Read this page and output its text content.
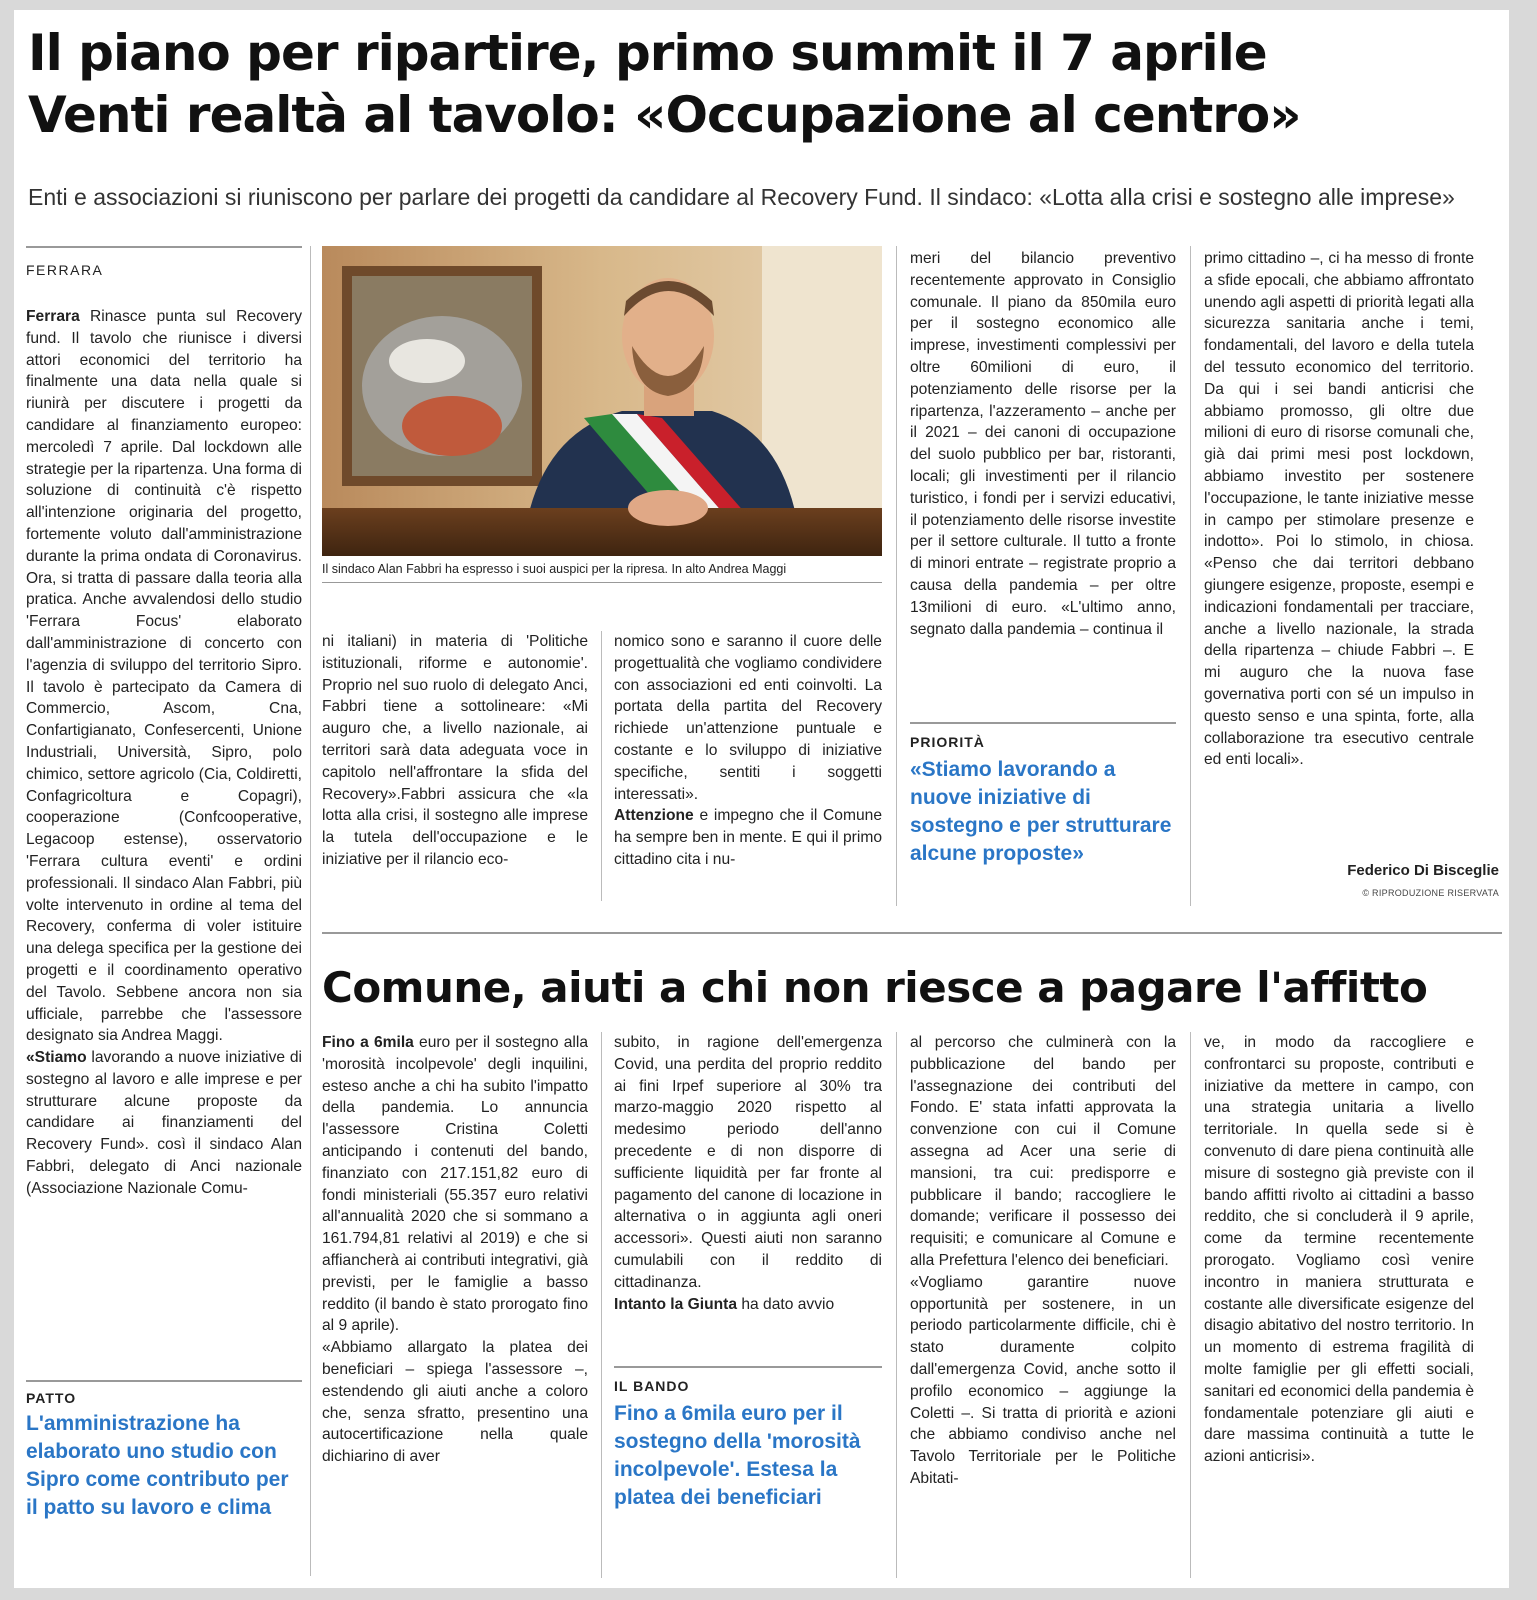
Il piano per ripartire, primo summit il 7 aprile
Venti realtà al tavolo: «Occupazione al centro»

Enti e associazioni si riuniscono per parlare dei progetti da candidare al Recovery Fund. Il sindaco: «Lotta alla crisi e sostegno alle imprese»

FERRARA

Ferrara Rinasce punta sul Recovery fund. Il tavolo che riunisce i diversi attori economici del territorio ha finalmente una data nella quale si riunirà per discutere i progetti da candidare al finanziamento europeo: mercoledì 7 aprile. Dal lockdown alle strategie per la ripartenza. Una forma di soluzione di continuità c'è rispetto all'intenzione originaria del progetto, fortemente voluto dall'amministrazione durante la prima ondata di Coronavirus. Ora, si tratta di passare dalla teoria alla pratica. Anche avvalendosi dello studio 'Ferrara Focus' elaborato dall'amministrazione di concerto con l'agenzia di sviluppo del territorio Sipro. Il tavolo è partecipato da Camera di Commercio, Ascom, Cna, Confartigianato, Confesercenti, Unione Industriali, Università, Sipro, polo chimico, settore agricolo (Cia, Coldiretti, Confagricoltura e Copagri), cooperazione (Confcooperative, Legacoop estense), osservatorio 'Ferrara cultura eventi' e ordini professionali. Il sindaco Alan Fabbri, più volte intervenuto in ordine al tema del Recovery, conferma di voler istituire una delega specifica per la gestione dei progetti e il coordinamento operativo del Tavolo. Sebbene ancora non sia ufficiale, parrebbe che l'assessore designato sia Andrea Maggi.

«Stiamo lavorando a nuove iniziative di sostegno al lavoro e alle imprese e per strutturare alcune proposte da candidare ai finanziamenti del Recovery Fund». così il sindaco Alan Fabbri, delegato di Anci nazionale (Associazione Nazionale Comu-

PATTO

L'amministrazione ha elaborato uno studio con Sipro come contributo per il patto su lavoro e clima

Il sindaco Alan Fabbri ha espresso i suoi auspici per la ripresa. In alto Andrea Maggi

ni italiani) in materia di 'Politiche istituzionali, riforme e autonomie'. Proprio nel suo ruolo di delegato Anci, Fabbri tiene a sottolineare: «Mi auguro che, a livello nazionale, ai territori sarà data adeguata voce in capitolo nell'affrontare la sfida del Recovery».Fabbri assicura che «la lotta alla crisi, il sostegno alle imprese la tutela dell'occupazione e le iniziative per il rilancio eco-

nomico sono e saranno il cuore delle progettualità che vogliamo condividere con associazioni ed enti coinvolti. La portata della partita del Recovery richiede un'attenzione puntuale e costante e lo sviluppo di iniziative specifiche, sentiti i soggetti interessati».

Attenzione e impegno che il Comune ha sempre ben in mente. E qui il primo cittadino cita i nu-

meri del bilancio preventivo recentemente approvato in Consiglio comunale. Il piano da 850mila euro per il sostegno economico alle imprese, investimenti complessivi per oltre 60milioni di euro, il potenziamento delle risorse per la ripartenza, l'azzeramento – anche per il 2021 – dei canoni di occupazione del suolo pubblico per bar, ristoranti, locali; gli investimenti per il rilancio turistico, i fondi per i servizi educativi, il potenziamento delle risorse investite per il settore culturale. Il tutto a fronte di minori entrate – registrate proprio a causa della pandemia – per oltre 13milioni di euro. «L'ultimo anno, segnato dalla pandemia – continua il

PRIORITÀ

«Stiamo lavorando a nuove iniziative di sostegno e per strutturare alcune proposte»

primo cittadino –, ci ha messo di fronte a sfide epocali, che abbiamo affrontato unendo agli aspetti di priorità legati alla sicurezza sanitaria anche i temi, fondamentali, del lavoro e della tutela del tessuto economico del territorio. Da qui i sei bandi anticrisi che abbiamo promosso, gli oltre due milioni di euro di risorse comunali che, già dai primi mesi post lockdown, abbiamo investito per sostenere l'occupazione, le tante iniziative messe in campo per stimolare presenze e indotto». Poi lo stimolo, in chiosa. «Penso che dai territori debbano giungere esigenze, proposte, esempi e indicazioni fondamentali per tracciare, anche a livello nazionale, la strada della ripartenza – chiude Fabbri –. E mi auguro che la nuova fase governativa porti con sé un impulso in questo senso e una spinta, forte, alla collaborazione tra esecutivo centrale ed enti locali».

Federico Di Bisceglie

© RIPRODUZIONE RISERVATA

Comune, aiuti a chi non riesce a pagare l'affitto

Fino a 6mila euro per il sostegno alla 'morosità incolpevole' degli inquilini, esteso anche a chi ha subito l'impatto della pandemia. Lo annuncia l'assessore Cristina Coletti anticipando i contenuti del bando, finanziato con 217.151,82 euro di fondi ministeriali (55.357 euro relativi all'annualità 2020 che si sommano a 161.794,81 relativi al 2019) e che si affiancherà ai contributi integrativi, già previsti, per le famiglie a basso reddito (il bando è stato prorogato fino al 9 aprile).

«Abbiamo allargato la platea dei beneficiari – spiega l'assessore –, estendendo gli aiuti anche a coloro che, senza sfratto, presentino una autocertificazione nella quale dichiarino di aver

subito, in ragione dell'emergenza Covid, una perdita del proprio reddito ai fini Irpef superiore al 30% tra marzo-maggio 2020 rispetto al medesimo periodo dell'anno precedente e di non disporre di sufficiente liquidità per far fronte al pagamento del canone di locazione in alternativa o in aggiunta agli oneri accessori». Questi aiuti non saranno cumulabili con il reddito di cittadinanza.

Intanto la Giunta ha dato avvio

IL BANDO

Fino a 6mila euro per il sostegno della 'morosità incolpevole'. Estesa la platea dei beneficiari

al percorso che culminerà con la pubblicazione del bando per l'assegnazione dei contributi del Fondo. E' stata infatti approvata la convenzione con cui il Comune assegna ad Acer una serie di mansioni, tra cui: predisporre e pubblicare il bando; raccogliere le domande; verificare il possesso dei requisiti; e comunicare al Comune e alla Prefettura l'elenco dei beneficiari.

«Vogliamo garantire nuove opportunità per sostenere, in un periodo particolarmente difficile, chi è stato duramente colpito dall'emergenza Covid, anche sotto il profilo economico – aggiunge la Coletti –. Si tratta di priorità e azioni che abbiamo condiviso anche nel Tavolo Territoriale per le Politiche Abitati-

ve, in modo da raccogliere e confrontarci su proposte, contributi e iniziative da mettere in campo, con una strategia unitaria a livello territoriale. In quella sede si è convenuto di dare piena continuità alle misure di sostegno già previste con il bando affitti rivolto ai cittadini a basso reddito, che si concluderà il 9 aprile, come da termine recentemente prorogato. Vogliamo così venire incontro in maniera strutturata e costante alle diversificate esigenze del disagio abitativo del nostro territorio. In un momento di estrema fragilità di molte famiglie per gli effetti sociali, sanitari ed economici della pandemia è fondamentale potenziare gli aiuti e dare massima continuità a tutte le azioni anticrisi».
